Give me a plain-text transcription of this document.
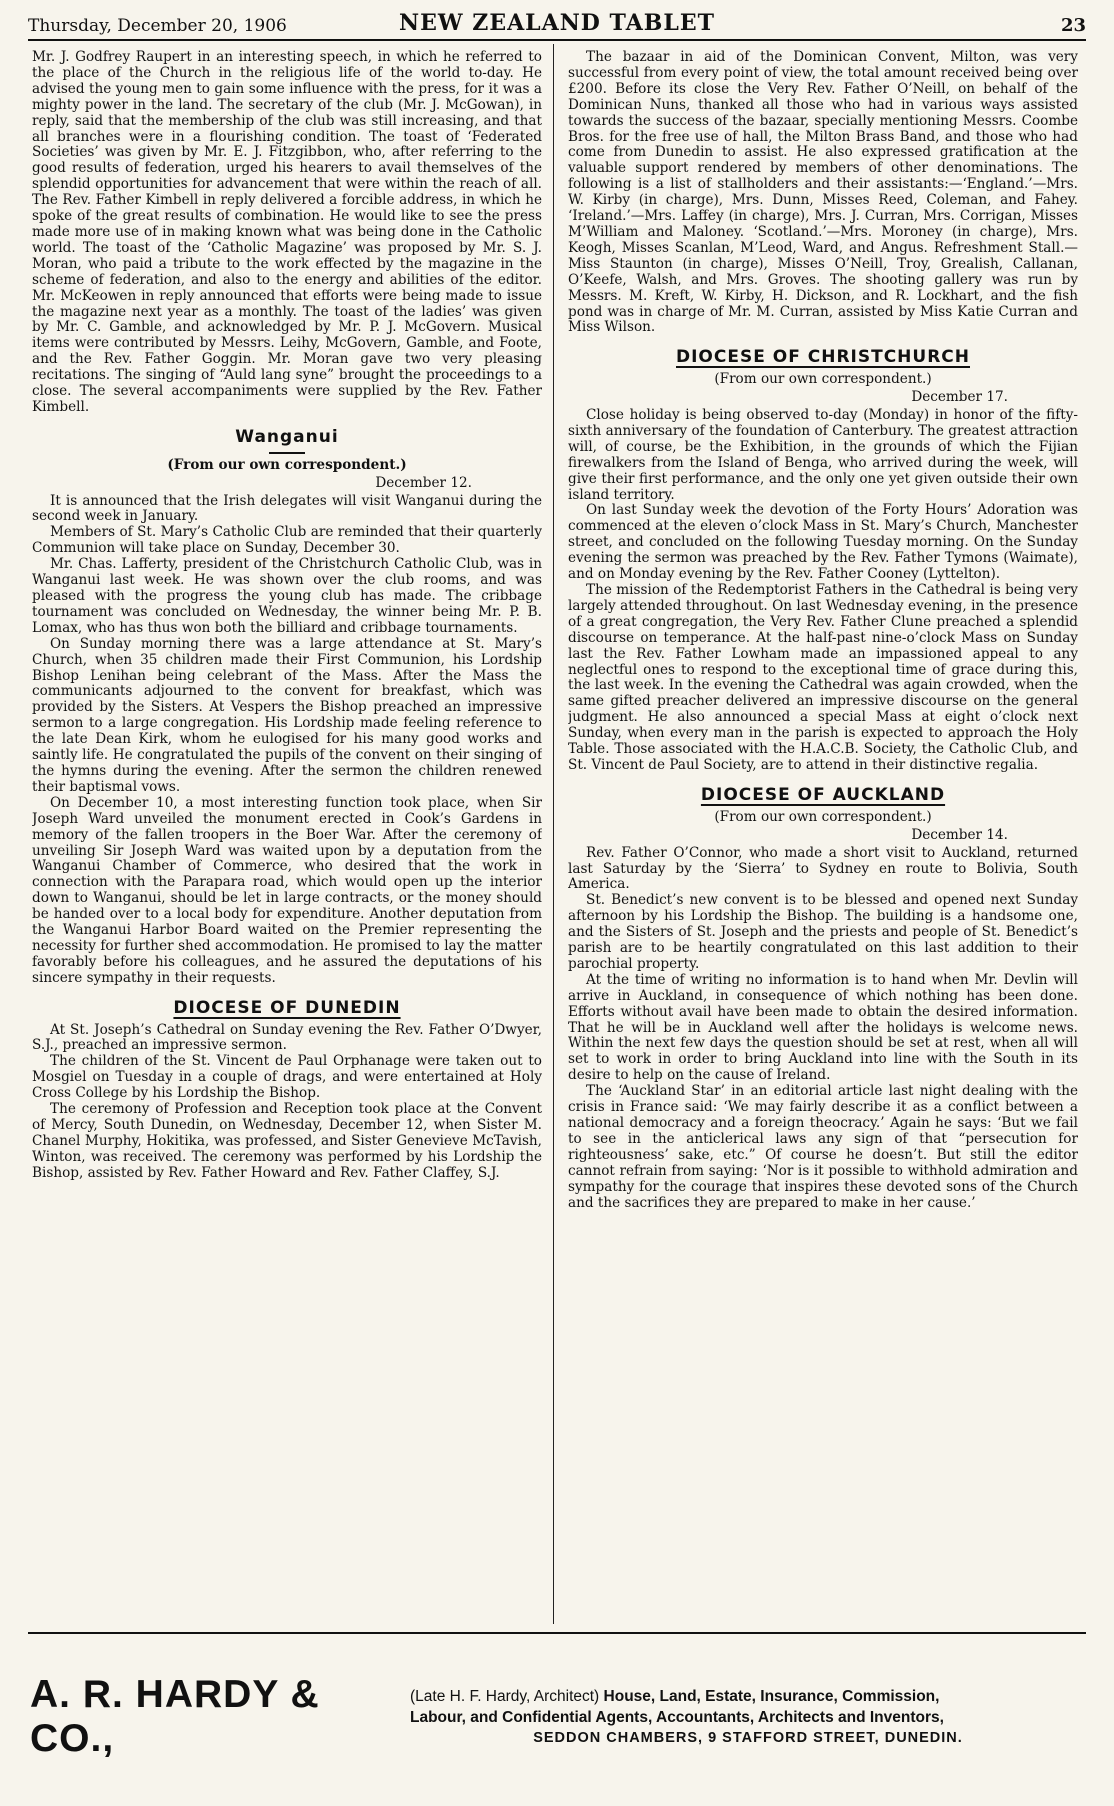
Thursday, December 20, 1906	NEW ZEALAND TABLET	23

Mr. J. Godfrey Raupert in an interesting speech, in which he referred to the place of the Church in the religious life of the world to-day. He advised the young men to gain some influence with the press, for it was a mighty power in the land. The secretary of the club (Mr. J. McGowan), in reply, said that the membership of the club was still increasing, and that all branches were in a flourishing condition. The toast of ‘Federated Societies’ was given by Mr. E. J. Fitzgibbon, who, after referring to the good results of federation, urged his hearers to avail themselves of the splendid opportunities for advancement that were within the reach of all. The Rev. Father Kimbell in reply delivered a forcible address, in which he spoke of the great results of combination. He would like to see the press made more use of in making known what was being done in the Catholic world. The toast of the ‘Catholic Magazine’ was proposed by Mr. S. J. Moran, who paid a tribute to the work effected by the magazine in the scheme of federation, and also to the energy and abilities of the editor. Mr. McKeowen in reply announced that efforts were being made to issue the magazine next year as a monthly. The toast of the ladies’ was given by Mr. C. Gamble, and acknowledged by Mr. P. J. McGovern. Musical items were contributed by Messrs. Leihy, McGovern, Gamble, and Foote, and the Rev. Father Goggin. Mr. Moran gave two very pleasing recitations. The singing of “Auld lang syne” brought the proceedings to a close. The several accompaniments were supplied by the Rev. Father Kimbell.

Wanganui
(From our own correspondent.)
December 12.

It is announced that the Irish delegates will visit Wanganui during the second week in January.

Members of St. Mary’s Catholic Club are reminded that their quarterly Communion will take place on Sunday, December 30.

Mr. Chas. Lafferty, president of the Christchurch Catholic Club, was in Wanganui last week. He was shown over the club rooms, and was pleased with the progress the young club has made. The cribbage tournament was concluded on Wednesday, the winner being Mr. P. B. Lomax, who has thus won both the billiard and cribbage tournaments.

On Sunday morning there was a large attendance at St. Mary’s Church, when 35 children made their First Communion, his Lordship Bishop Lenihan being celebrant of the Mass. After the Mass the communicants adjourned to the convent for breakfast, which was provided by the Sisters. At Vespers the Bishop preached an impressive sermon to a large congregation. His Lordship made feeling reference to the late Dean Kirk, whom he eulogised for his many good works and saintly life. He congratulated the pupils of the convent on their singing of the hymns during the evening. After the sermon the children renewed their baptismal vows.

On December 10, a most interesting function took place, when Sir Joseph Ward unveiled the monument erected in Cook’s Gardens in memory of the fallen troopers in the Boer War. After the ceremony of unveiling Sir Joseph Ward was waited upon by a deputation from the Wanganui Chamber of Commerce, who desired that the work in connection with the Parapara road, which would open up the interior down to Wanganui, should be let in large contracts, or the money should be handed over to a local body for expenditure. Another deputation from the Wanganui Harbor Board waited on the Premier representing the necessity for further shed accommodation. He promised to lay the matter favorably before his colleagues, and he assured the deputations of his sincere sympathy in their requests.

DIOCESE OF DUNEDIN

At St. Joseph’s Cathedral on Sunday evening the Rev. Father O’Dwyer, S.J., preached an impressive sermon.

The children of the St. Vincent de Paul Orphanage were taken out to Mosgiel on Tuesday in a couple of drags, and were entertained at Holy Cross College by his Lordship the Bishop.

The ceremony of Profession and Reception took place at the Convent of Mercy, South Dunedin, on Wednesday, December 12, when Sister M. Chanel Murphy, Hokitika, was professed, and Sister Genevieve McTavish, Winton, was received. The ceremony was performed by his Lordship the Bishop, assisted by Rev. Father Howard and Rev. Father Claffey, S.J.

The bazaar in aid of the Dominican Convent, Milton, was very successful from every point of view, the total amount received being over £200. Before its close the Very Rev. Father O’Neill, on behalf of the Dominican Nuns, thanked all those who had in various ways assisted towards the success of the bazaar, specially mentioning Messrs. Coombe Bros. for the free use of hall, the Milton Brass Band, and those who had come from Dunedin to assist. He also expressed gratification at the valuable support rendered by members of other denominations. The following is a list of stallholders and their assistants:—‘England.’—Mrs. W. Kirby (in charge), Mrs. Dunn, Misses Reed, Coleman, and Fahey. ‘Ireland.’—Mrs. Laffey (in charge), Mrs. J. Curran, Mrs. Corrigan, Misses M’William and Maloney. ‘Scotland.’—Mrs. Moroney (in charge), Mrs. Keogh, Misses Scanlan, M’Leod, Ward, and Angus. Refreshment Stall.—Miss Staunton (in charge), Misses O’Neill, Troy, Grealish, Callanan, O’Keefe, Walsh, and Mrs. Groves. The shooting gallery was run by Messrs. M. Kreft, W. Kirby, H. Dickson, and R. Lockhart, and the fish pond was in charge of Mr. M. Curran, assisted by Miss Katie Curran and Miss Wilson.

DIOCESE OF CHRISTCHURCH
(From our own correspondent.)
December 17.

Close holiday is being observed to-day (Monday) in honor of the fifty-sixth anniversary of the foundation of Canterbury. The greatest attraction will, of course, be the Exhibition, in the grounds of which the Fijian firewalkers from the Island of Benga, who arrived during the week, will give their first performance, and the only one yet given outside their own island territory.

On last Sunday week the devotion of the Forty Hours’ Adoration was commenced at the eleven o’clock Mass in St. Mary’s Church, Manchester street, and concluded on the following Tuesday morning. On the Sunday evening the sermon was preached by the Rev. Father Tymons (Waimate), and on Monday evening by the Rev. Father Cooney (Lyttelton).

The mission of the Redemptorist Fathers in the Cathedral is being very largely attended throughout. On last Wednesday evening, in the presence of a great congregation, the Very Rev. Father Clune preached a splendid discourse on temperance. At the half-past nine-o’clock Mass on Sunday last the Rev. Father Lowham made an impassioned appeal to any neglectful ones to respond to the exceptional time of grace during this, the last week. In the evening the Cathedral was again crowded, when the same gifted preacher delivered an impressive discourse on the general judgment. He also announced a special Mass at eight o’clock next Sunday, when every man in the parish is expected to approach the Holy Table. Those associated with the H.A.C.B. Society, the Catholic Club, and St. Vincent de Paul Society, are to attend in their distinctive regalia.

DIOCESE OF AUCKLAND
(From our own correspondent.)
December 14.

Rev. Father O’Connor, who made a short visit to Auckland, returned last Saturday by the ‘Sierra’ to Sydney en route to Bolivia, South America.

St. Benedict’s new convent is to be blessed and opened next Sunday afternoon by his Lordship the Bishop. The building is a handsome one, and the Sisters of St. Joseph and the priests and people of St. Benedict’s parish are to be heartily congratulated on this last addition to their parochial property.

At the time of writing no information is to hand when Mr. Devlin will arrive in Auckland, in consequence of which nothing has been done. Efforts without avail have been made to obtain the desired information. That he will be in Auckland well after the holidays is welcome news. Within the next few days the question should be set at rest, when all will set to work in order to bring Auckland into line with the South in its desire to help on the cause of Ireland.

The ‘Auckland Star’ in an editorial article last night dealing with the crisis in France said: ‘We may fairly describe it as a conflict between a national democracy and a foreign theocracy.’ Again he says: ‘But we fail to see in the anticlerical laws any sign of that “persecution for righteousness’ sake, etc.” Of course he doesn’t. But still the editor cannot refrain from saying: ‘Nor is it possible to withhold admiration and sympathy for the courage that inspires these devoted sons of the Church and the sacrifices they are prepared to make in her cause.’

A. R. HARDY & CO.,
(Late H. F. Hardy, Architect) House, Land, Estate, Insurance, Commission,
Labour, and Confidential Agents, Accountants, Architects and Inventors,
SEDDON CHAMBERS, 9 STAFFORD STREET, DUNEDIN.
